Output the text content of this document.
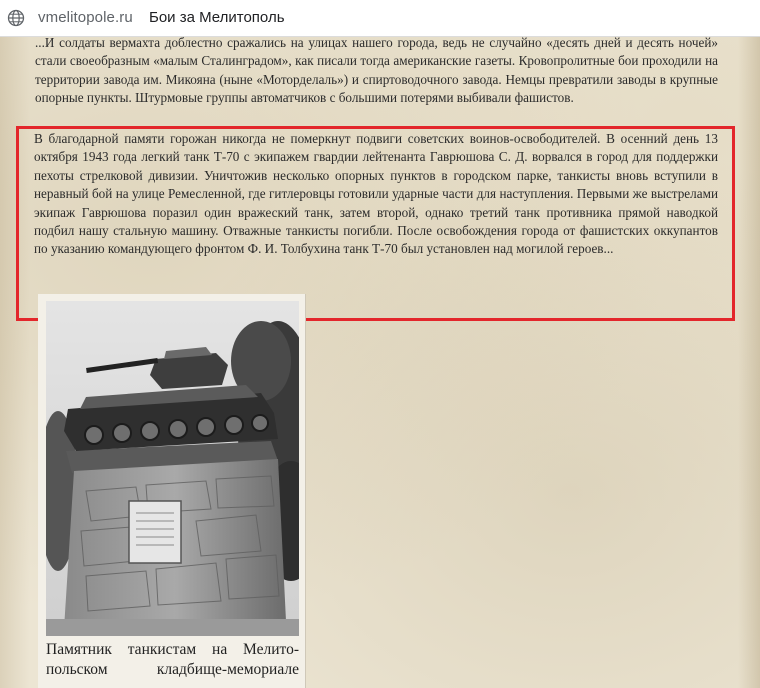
vmelitopole.ru Бои за Мелитополь

...И солдаты вермахта доблестно сражались на улицах нашего города, ведь не случайно «десять дней и десять ночей» стали своеобразным «малым Сталинградом», как писали тогда американские газеты. Кровопролитные бои проходили на территории завода им. Микояна (ныне «Моторделаль») и спиртоводочного завода. Немцы превратили заводы в крупные опорные пункты. Штурмовые группы автоматчиков с большими потерями выбивали фашистов.

В благодарной памяти горожан никогда не померкнут подвиги советских воинов-освободителей. В осенний день 13 октября 1943 года легкий танк Т-70 с экипажем гвардии лейтенанта Гаврюшова С. Д. ворвался в город для поддержки пехоты стрелковой дивизии. Уничтожив несколько опорных пунктов в городском парке, танкисты вновь вступили в неравный бой на улице Ремесленной, где гитлеровцы готовили ударные части для наступления. Первыми же выстрелами экипаж Гаврюшова поразил один вражеский танк, затем второй, однако третий танк противника прямой наводкой подбил нашу стальную машину. Отважные танкисты погибли. После освобождения города от фашистских оккупантов по указанию командующего фронтом Ф. И. Толбухина танк Т-70 был установлен над могилой героев...

Памятник танкистам на Мелито-
польском кладбище-мемориале
